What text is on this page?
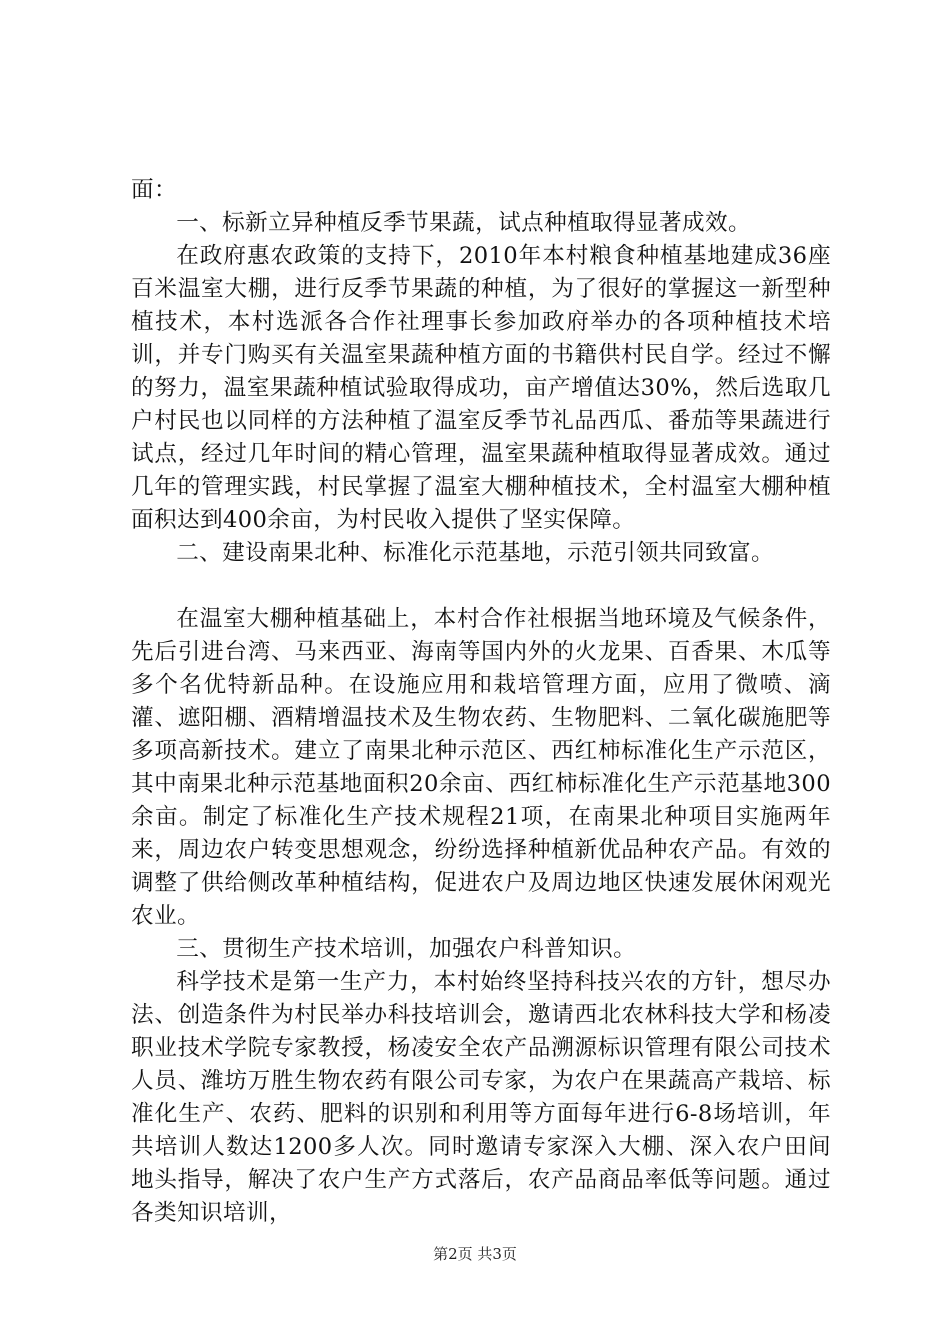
面：

一、标新立异种植反季节果蔬，试点种植取得显著成效。

在政府惠农政策的支持下，2010年本村粮食种植基地建成36座百米温室大棚，进行反季节果蔬的种植，为了很好的掌握这一新型种植技术，本村选派各合作社理事长参加政府举办的各项种植技术培训，并专门购买有关温室果蔬种植方面的书籍供村民自学。经过不懈的努力，温室果蔬种植试验取得成功，亩产增值达30%，然后选取几户村民也以同样的方法种植了温室反季节礼品西瓜、番茄等果蔬进行试点，经过几年时间的精心管理，温室果蔬种植取得显著成效。通过几年的管理实践，村民掌握了温室大棚种植技术，全村温室大棚种植面积达到400余亩，为村民收入提供了坚实保障。

二、建设南果北种、标准化示范基地，示范引领共同致富。

在温室大棚种植基础上，本村合作社根据当地环境及气候条件，先后引进台湾、马来西亚、海南等国内外的火龙果、百香果、木瓜等多个名优特新品种。在设施应用和栽培管理方面，应用了微喷、滴灌、遮阳棚、酒精增温技术及生物农药、生物肥料、二氧化碳施肥等多项高新技术。建立了南果北种示范区、西红柿标准化生产示范区，其中南果北种示范基地面积20余亩、西红柿标准化生产示范基地300余亩。制定了标准化生产技术规程21项，在南果北种项目实施两年来，周边农户转变思想观念，纷纷选择种植新优品种农产品。有效的调整了供给侧改革种植结构，促进农户及周边地区快速发展休闲观光农业。

三、贯彻生产技术培训，加强农户科普知识。

科学技术是第一生产力，本村始终坚持科技兴农的方针，想尽办法、创造条件为村民举办科技培训会，邀请西北农林科技大学和杨凌职业技术学院专家教授，杨凌安全农产品溯源标识管理有限公司技术人员、潍坊万胜生物农药有限公司专家，为农户在果蔬高产栽培、标准化生产、农药、肥料的识别和利用等方面每年进行6-8场培训，年共培训人数达1200多人次。同时邀请专家深入大棚、深入农户田间地头指导，解决了农户生产方式落后，农产品商品率低等问题。通过各类知识培训，

第2页 共3页
